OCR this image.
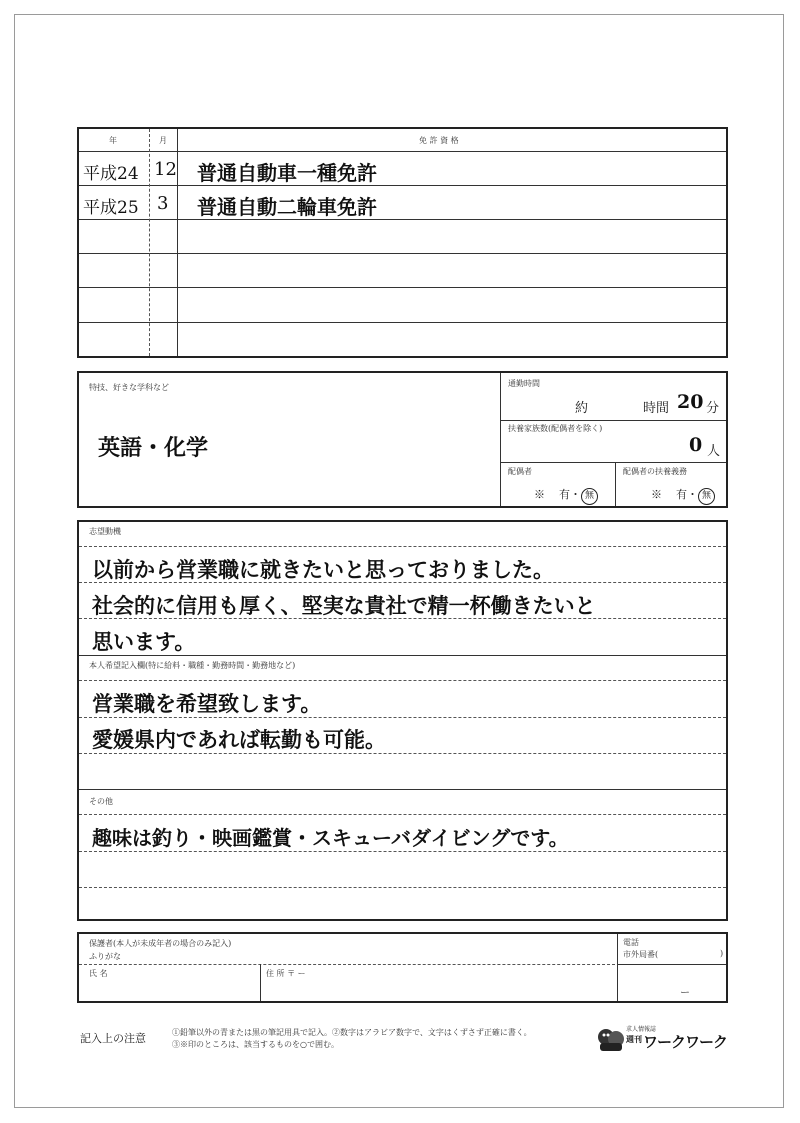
年	月	免 許 資 格
平成24 12 普通自動車一種免許
平成25 3 普通自動二輪車免許
特技、好きな学科など
英語・化学
通勤時間
約	時間 20 分
扶養家族数(配偶者を除く)
0 人
配偶者
※ 有・ 無
配偶者の扶養義務
※ 有・ 無
志望動機
以前から営業職に就きたいと思っておりました。
社会的に信用も厚く、堅実な貴社で精一杯働きたいと
思います。
本人希望記入欄(特に給料・職種・勤務時間・勤務地など)
営業職を希望致します。
愛媛県内であれば転勤も可能。
その他
趣味は釣り・映画鑑賞・スキューバダイビングです。
保護者(本人が未成年者の場合のみ記入)
ふりがな
氏 名	住 所 〒 ー
電話
市外局番(	)
ー
記入上の注意	①鉛筆以外の青または黒の筆記用具で記入。②数字はアラビア数字で、文字はくずさず正確に書く。
③※印のところは、該当するものを○で囲む。
求人情報誌
週刊 ワークワーク
